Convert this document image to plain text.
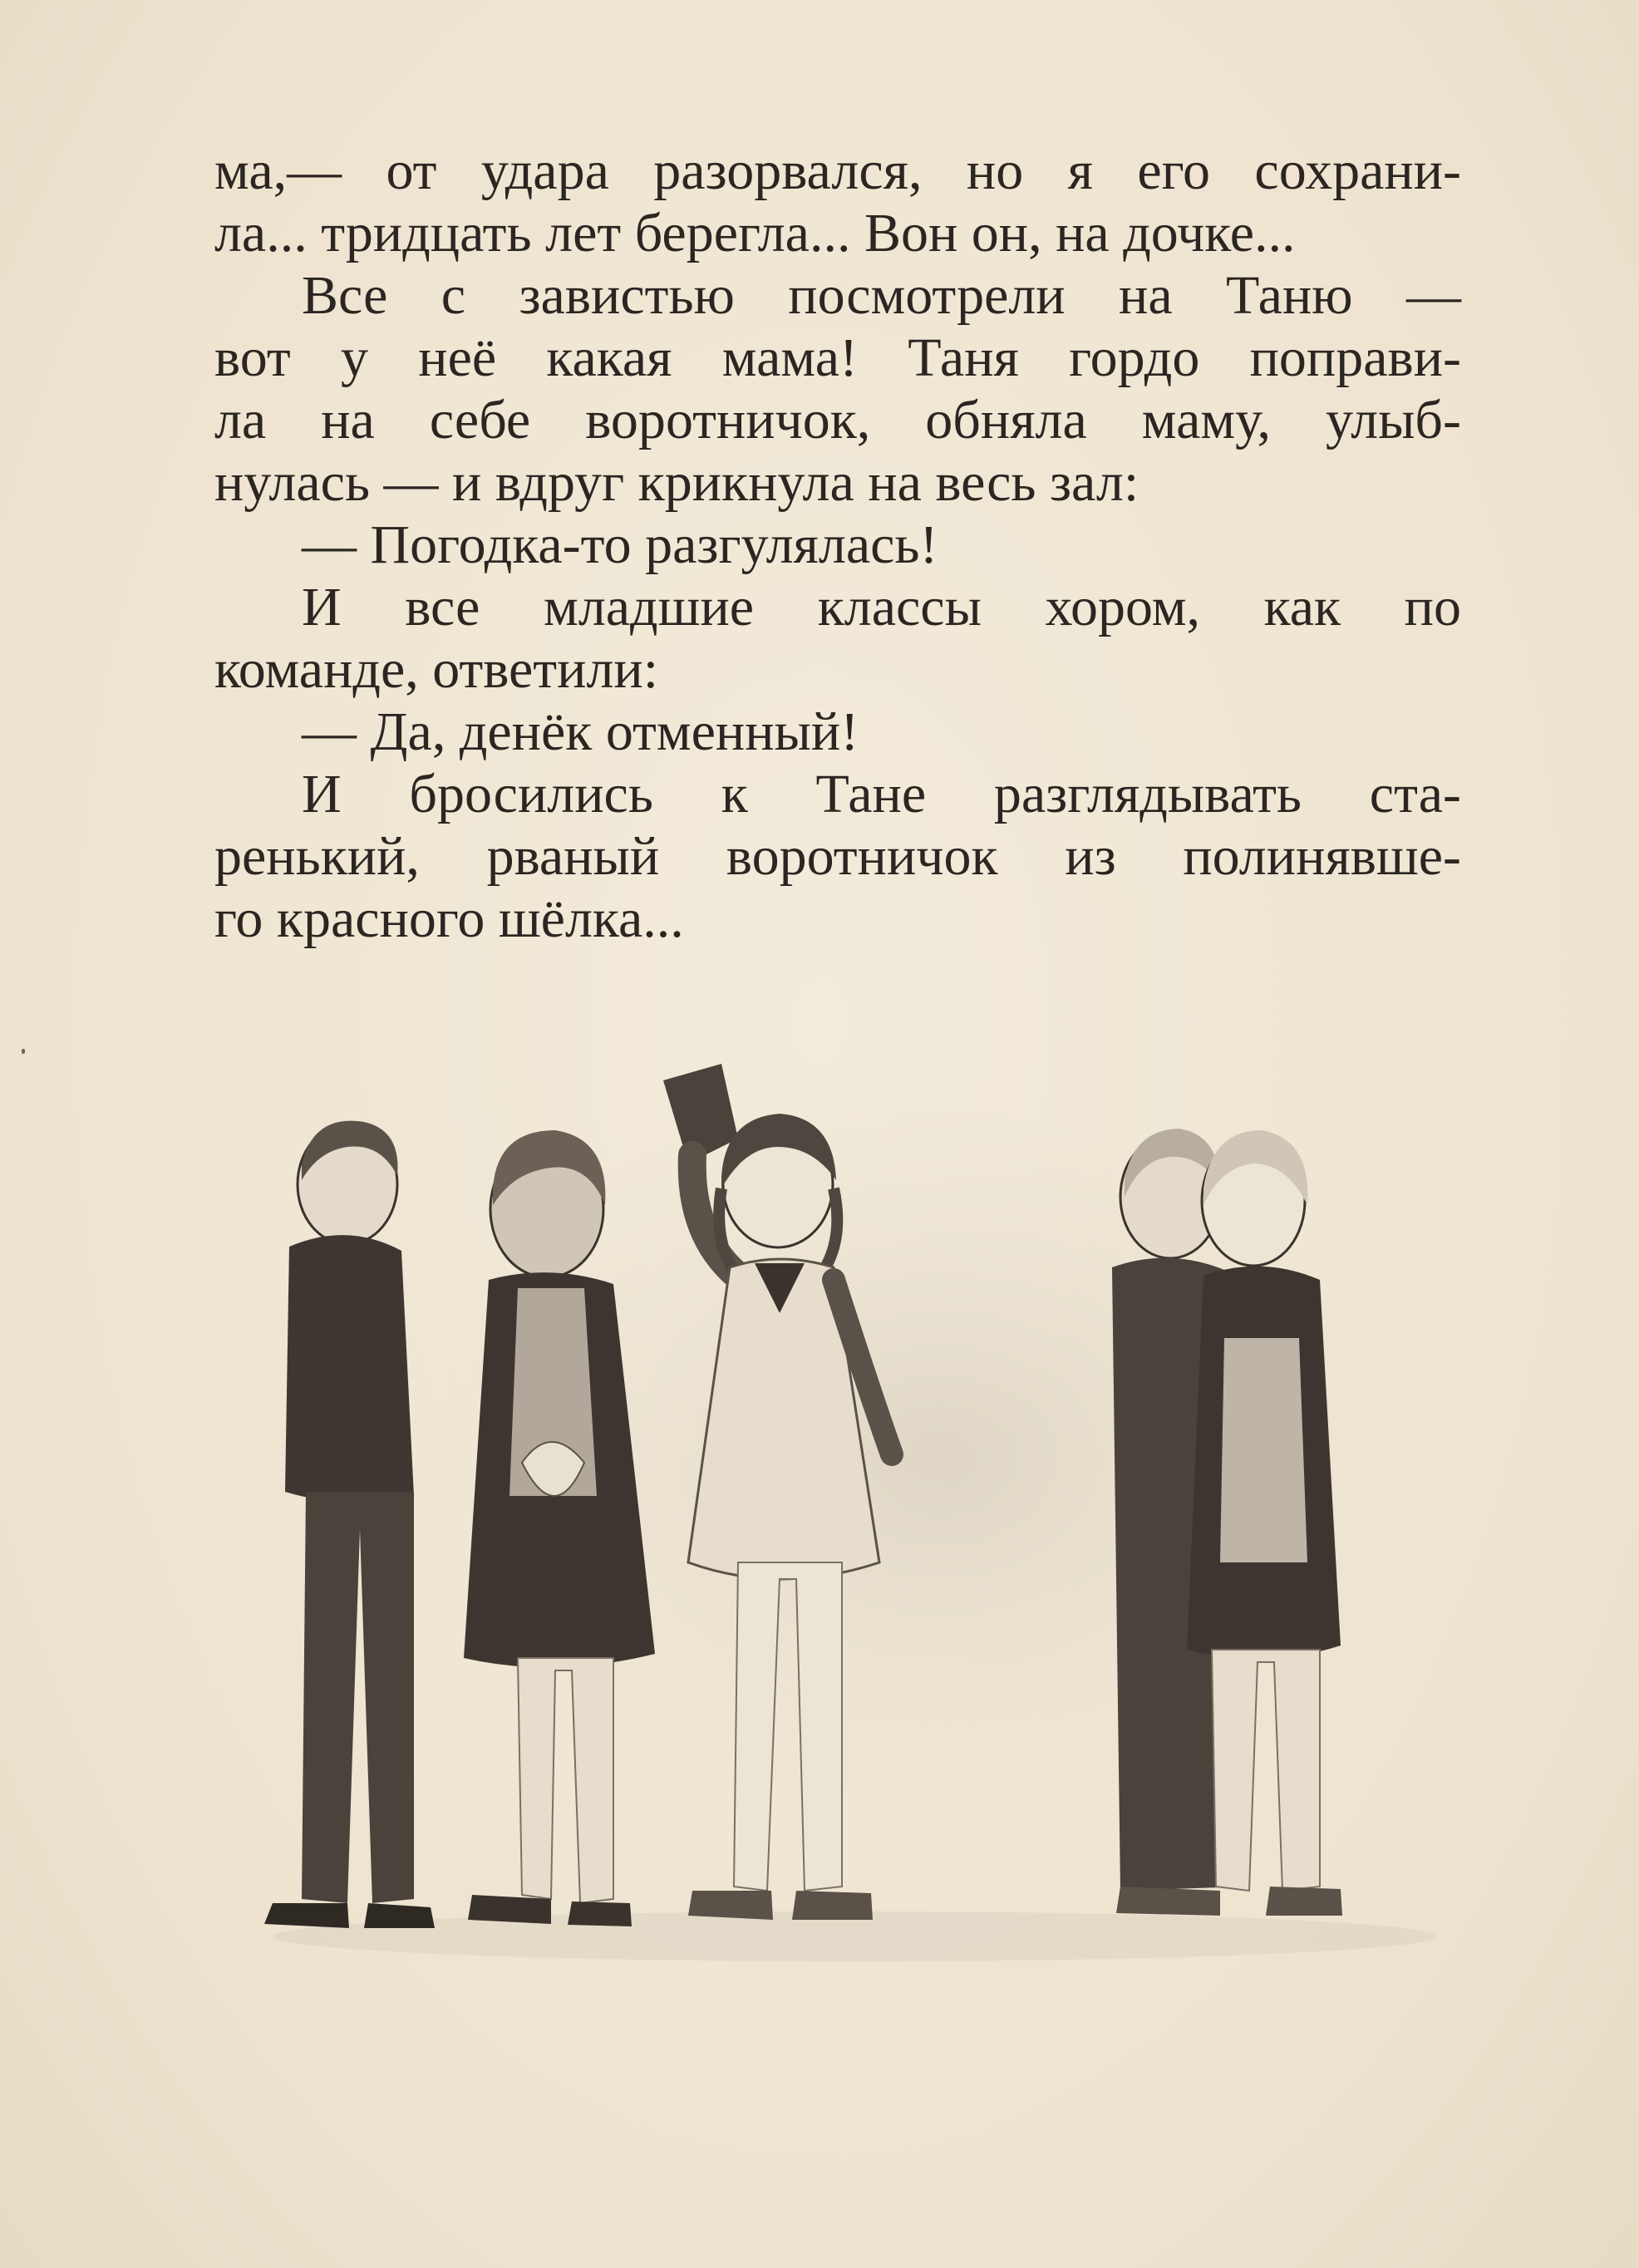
ма,— от удара разорвался, но я его сохрани-
ла... тридцать лет берегла... Вон он, на дочке...
Все с завистью посмотрели на Таню —
вот у неё какая мама! Таня гордо поправи-
ла на себе воротничок, обняла маму, улыб-
нулась — и вдруг крикнула на весь зал:
— Погодка-то разгулялась!
И все младшие классы хором, как по
команде, ответили:
— Да, денёк отменный!
И бросились к Тане разглядывать ста-
ренький, рваный воротничок из полинявше-
го красного шёлка...
